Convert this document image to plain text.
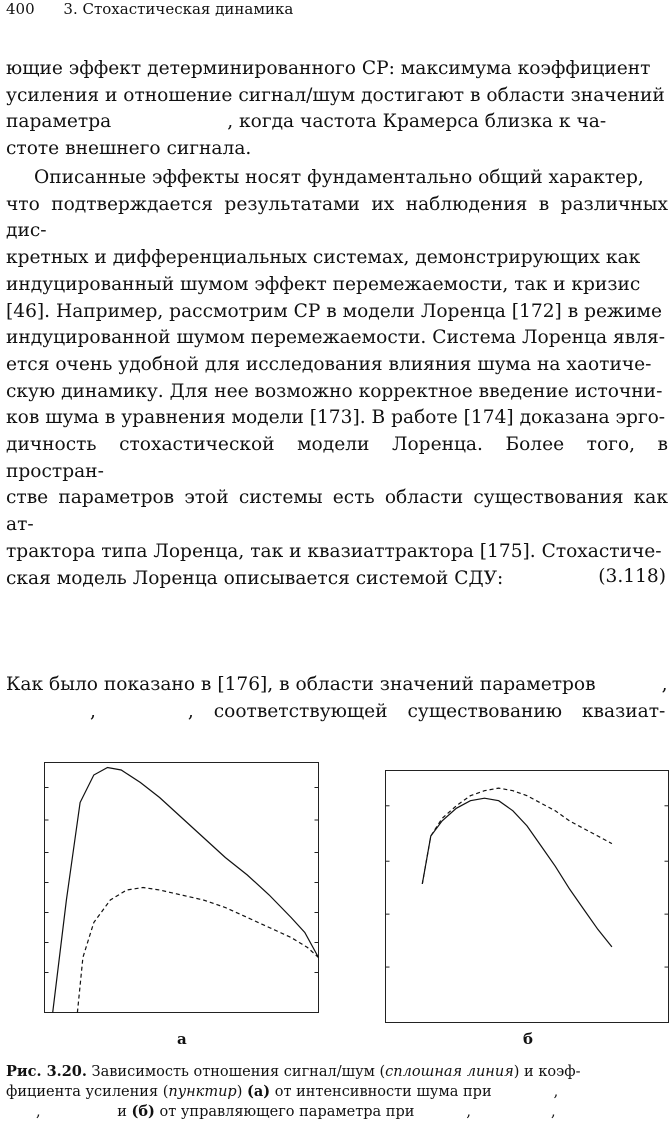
400 3. Стохастическая динамика
ющие эффект детерминированного СР: максимума коэффициент
усиления и отношение сигнал/шум достигают в области значений
параметра	, когда частота Крамерса близка к ча-
стоте внешнего сигнала.
Описанные эффекты носят фундаментально общий характер,
что подтверждается результатами их наблюдения в различных дис-
кретных и дифференциальных системах, демонстрирующих как
индуцированный шумом эффект перемежаемости, так и кризис
[46]. Например, рассмотрим СР в модели Лоренца [172] в режиме
индуцированной шумом перемежаемости. Система Лоренца явля-
ется очень удобной для исследования влияния шума на хаотиче-
скую динамику. Для нее возможно корректное введение источни-
ков шума в уравнения модели [173]. В работе [174] доказана эрго-
дичность стохастической модели Лоренца. Более того, в простран-
стве параметров этой системы есть области существования как ат-
трактора типа Лоренца, так и квазиаттрактора [175]. Стохастиче-
ская модель Лоренца описывается системой СДУ:	(3.118)
Как было показано в [176], в области значений параметров	,
,	, соответствующей существованию квазиат-
а	б
Рис. 3.20. Зависимость отношения сигнал/шум (сплошная линия) и коэф-
фициента усиления (пунктир) (а) от интенсивности шума при	,
,	и (б) от управляющего параметра при	,	,
